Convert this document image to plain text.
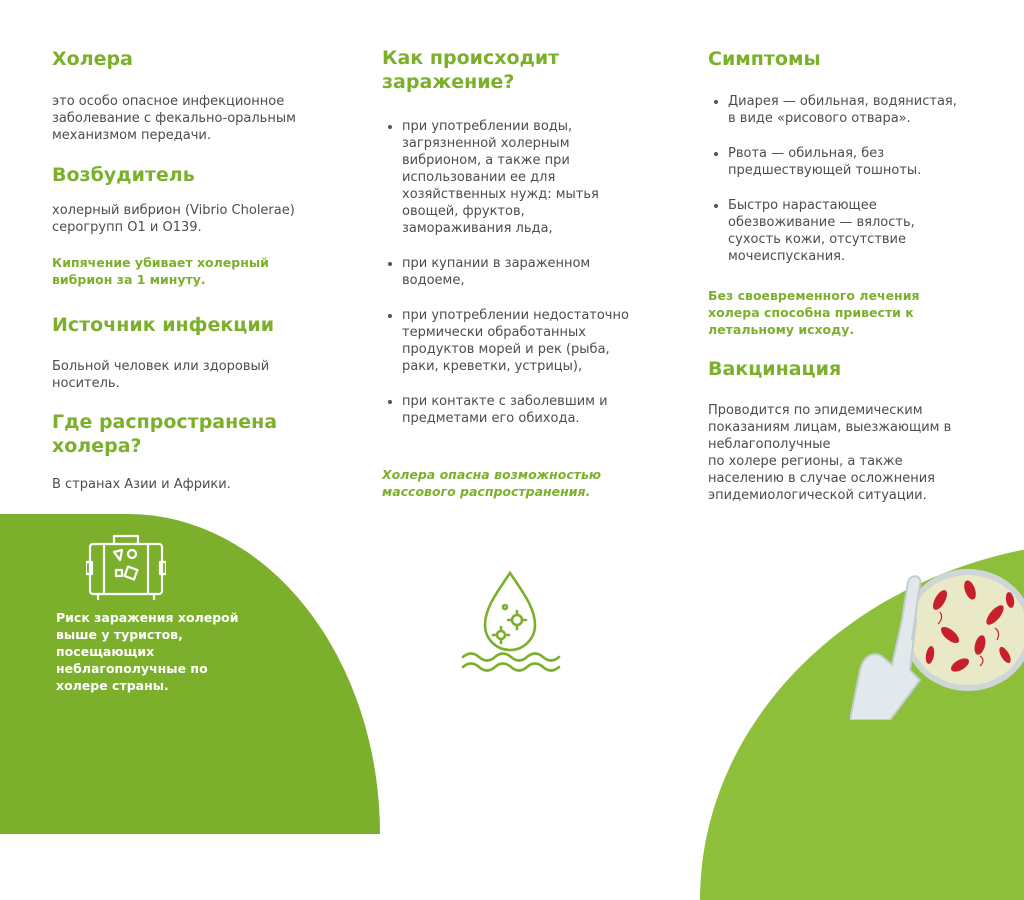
Холера
это особо опасное инфекционное
заболевание с фекально-оральным
механизмом передачи.
Возбудитель
холерный вибрион (Vibrio Cholerae)
серогрупп О1 и О139.
Кипячение убивает холерный
вибрион за 1 минуту.
Источник инфекции
Больной человек или здоровый
носитель.
Где распространена
холера?
В странах Азии и Африки.
Как происходит
заражение?
при употреблении воды,
загрязненной холерным
вибрионом, а также при
использовании ее для
хозяйственных нужд: мытья
овощей, фруктов,
замораживания льда,
при купании в зараженном
водоеме,
при употреблении недостаточно
термически обработанных
продуктов морей и рек (рыба,
раки, креветки, устрицы),
при контакте с заболевшим и
предметами его обихода.
Холера опасна возможностью
массового распространения.
Симптомы
Диарея — обильная, водянистая,
в виде «рисового отвара».
Рвота — обильная, без
предшествующей тошноты.
Быстро нарастающее
обезвоживание — вялость,
сухость кожи, отсутствие
мочеиспускания.
Без своевременного лечения
холера способна привести к
летальному исходу.
Вакцинация
Проводится по эпидемическим
показаниям лицам, выезжающим в
неблагополучные
по холере регионы, а также
населению в случае осложнения
эпидемиологической ситуации.
Риск заражения холерой
выше у туристов,
посещающих
неблагополучные по
холере страны.
